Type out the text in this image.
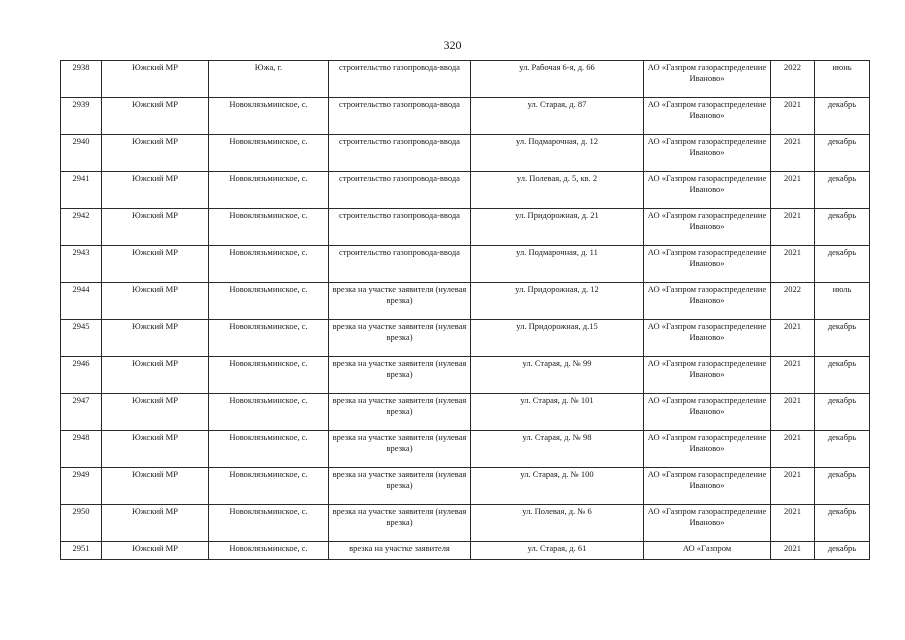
320
2938	Южский МР	Южа, г.	строительство газопровода-ввода	ул. Рабочая 6-я, д. 66	АО «Газпром газораспределение Иваново»	2022	июнь
2939	Южский МР	Новоклязьминское, с.	строительство газопровода-ввода	ул. Старая, д. 87	АО «Газпром газораспределение Иваново»	2021	декабрь
2940	Южский МР	Новоклязьминское, с.	строительство газопровода-ввода	ул. Подмарочная, д. 12	АО «Газпром газораспределение Иваново»	2021	декабрь
2941	Южский МР	Новоклязьминское, с.	строительство газопровода-ввода	ул. Полевая, д. 5, кв. 2	АО «Газпром газораспределение Иваново»	2021	декабрь
2942	Южский МР	Новоклязьминское, с.	строительство газопровода-ввода	ул. Придорожная, д. 21	АО «Газпром газораспределение Иваново»	2021	декабрь
2943	Южский МР	Новоклязьминское, с.	строительство газопровода-ввода	ул. Подмарочная, д. 11	АО «Газпром газораспределение Иваново»	2021	декабрь
2944	Южский МР	Новоклязьминское, с.	врезка на участке заявителя (нулевая врезка)	ул. Придорожная, д. 12	АО «Газпром газораспределение Иваново»	2022	июль
2945	Южский МР	Новоклязьминское, с.	врезка на участке заявителя (нулевая врезка)	ул. Придорожная, д.15	АО «Газпром газораспределение Иваново»	2021	декабрь
2946	Южский МР	Новоклязьминское, с.	врезка на участке заявителя (нулевая врезка)	ул. Старая, д. № 99	АО «Газпром газораспределение Иваново»	2021	декабрь
2947	Южский МР	Новоклязьминское, с.	врезка на участке заявителя (нулевая врезка)	ул. Старая, д. № 101	АО «Газпром газораспределение Иваново»	2021	декабрь
2948	Южский МР	Новоклязьминское, с.	врезка на участке заявителя (нулевая врезка)	ул. Старая, д. № 98	АО «Газпром газораспределение Иваново»	2021	декабрь
2949	Южский МР	Новоклязьминское, с.	врезка на участке заявителя (нулевая врезка)	ул. Старая, д. № 100	АО «Газпром газораспределение Иваново»	2021	декабрь
2950	Южский МР	Новоклязьминское, с.	врезка на участке заявителя (нулевая врезка)	ул. Полевая, д. № 6	АО «Газпром газораспределение Иваново»	2021	декабрь
2951	Южский МР	Новоклязьминское, с.	врезка на участке заявителя	ул. Старая, д. 61	АО «Газпром	2021	декабрь
